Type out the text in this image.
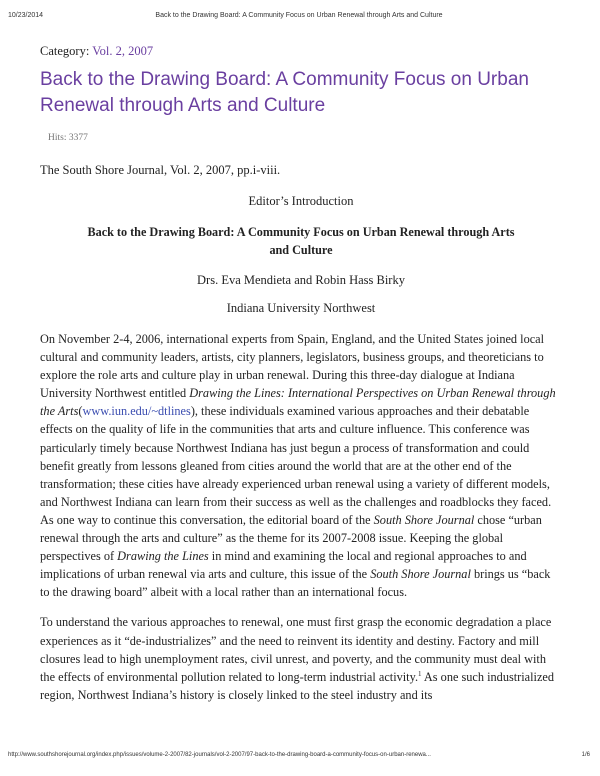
10/23/2014	Back to the Drawing Board: A Community Focus on Urban Renewal through Arts and Culture
Category: Vol. 2, 2007
Back to the Drawing Board: A Community Focus on Urban Renewal through Arts and Culture
Hits: 3377
The South Shore Journal, Vol. 2, 2007, pp.i-viii.
Editor’s Introduction
Back to the Drawing Board: A Community Focus on Urban Renewal through Arts and Culture
Drs. Eva Mendieta and Robin Hass Birky
Indiana University Northwest

On November 2-4, 2006, international experts from Spain, England, and the United States joined local cultural and community leaders, artists, city planners, legislators, business groups, and theoreticians to explore the role arts and culture play in urban renewal. During this three-day dialogue at Indiana University Northwest entitled Drawing the Lines: International Perspectives on Urban Renewal through the Arts(www.iun.edu/~dtlines), these individuals examined various approaches and their debatable effects on the quality of life in the communities that arts and culture influence. This conference was particularly timely because Northwest Indiana has just begun a process of transformation and could benefit greatly from lessons gleaned from cities around the world that are at the other end of the transformation; these cities have already experienced urban renewal using a variety of different models, and Northwest Indiana can learn from their success as well as the challenges and roadblocks they faced. As one way to continue this conversation, the editorial board of the South Shore Journal chose “urban renewal through the arts and culture” as the theme for its 2007-2008 issue. Keeping the global perspectives of Drawing the Lines in mind and examining the local and regional approaches to and implications of urban renewal via arts and culture, this issue of the South Shore Journal brings us “back to the drawing board” albeit with a local rather than an international focus.

To understand the various approaches to renewal, one must first grasp the economic degradation a place experiences as it “de-industrializes” and the need to reinvent its identity and destiny. Factory and mill closures lead to high unemployment rates, civil unrest, and poverty, and the community must deal with the effects of environmental pollution related to long-term industrial activity.$^1$ As one such industrialized region, Northwest Indiana’s history is closely linked to the steel industry and its

http://www.southshorejournal.org/index.php/issues/volume-2-2007/82-journals/vol-2-2007/97-back-to-the-drawing-board-a-community-focus-on-urban-renewa...	1/6
